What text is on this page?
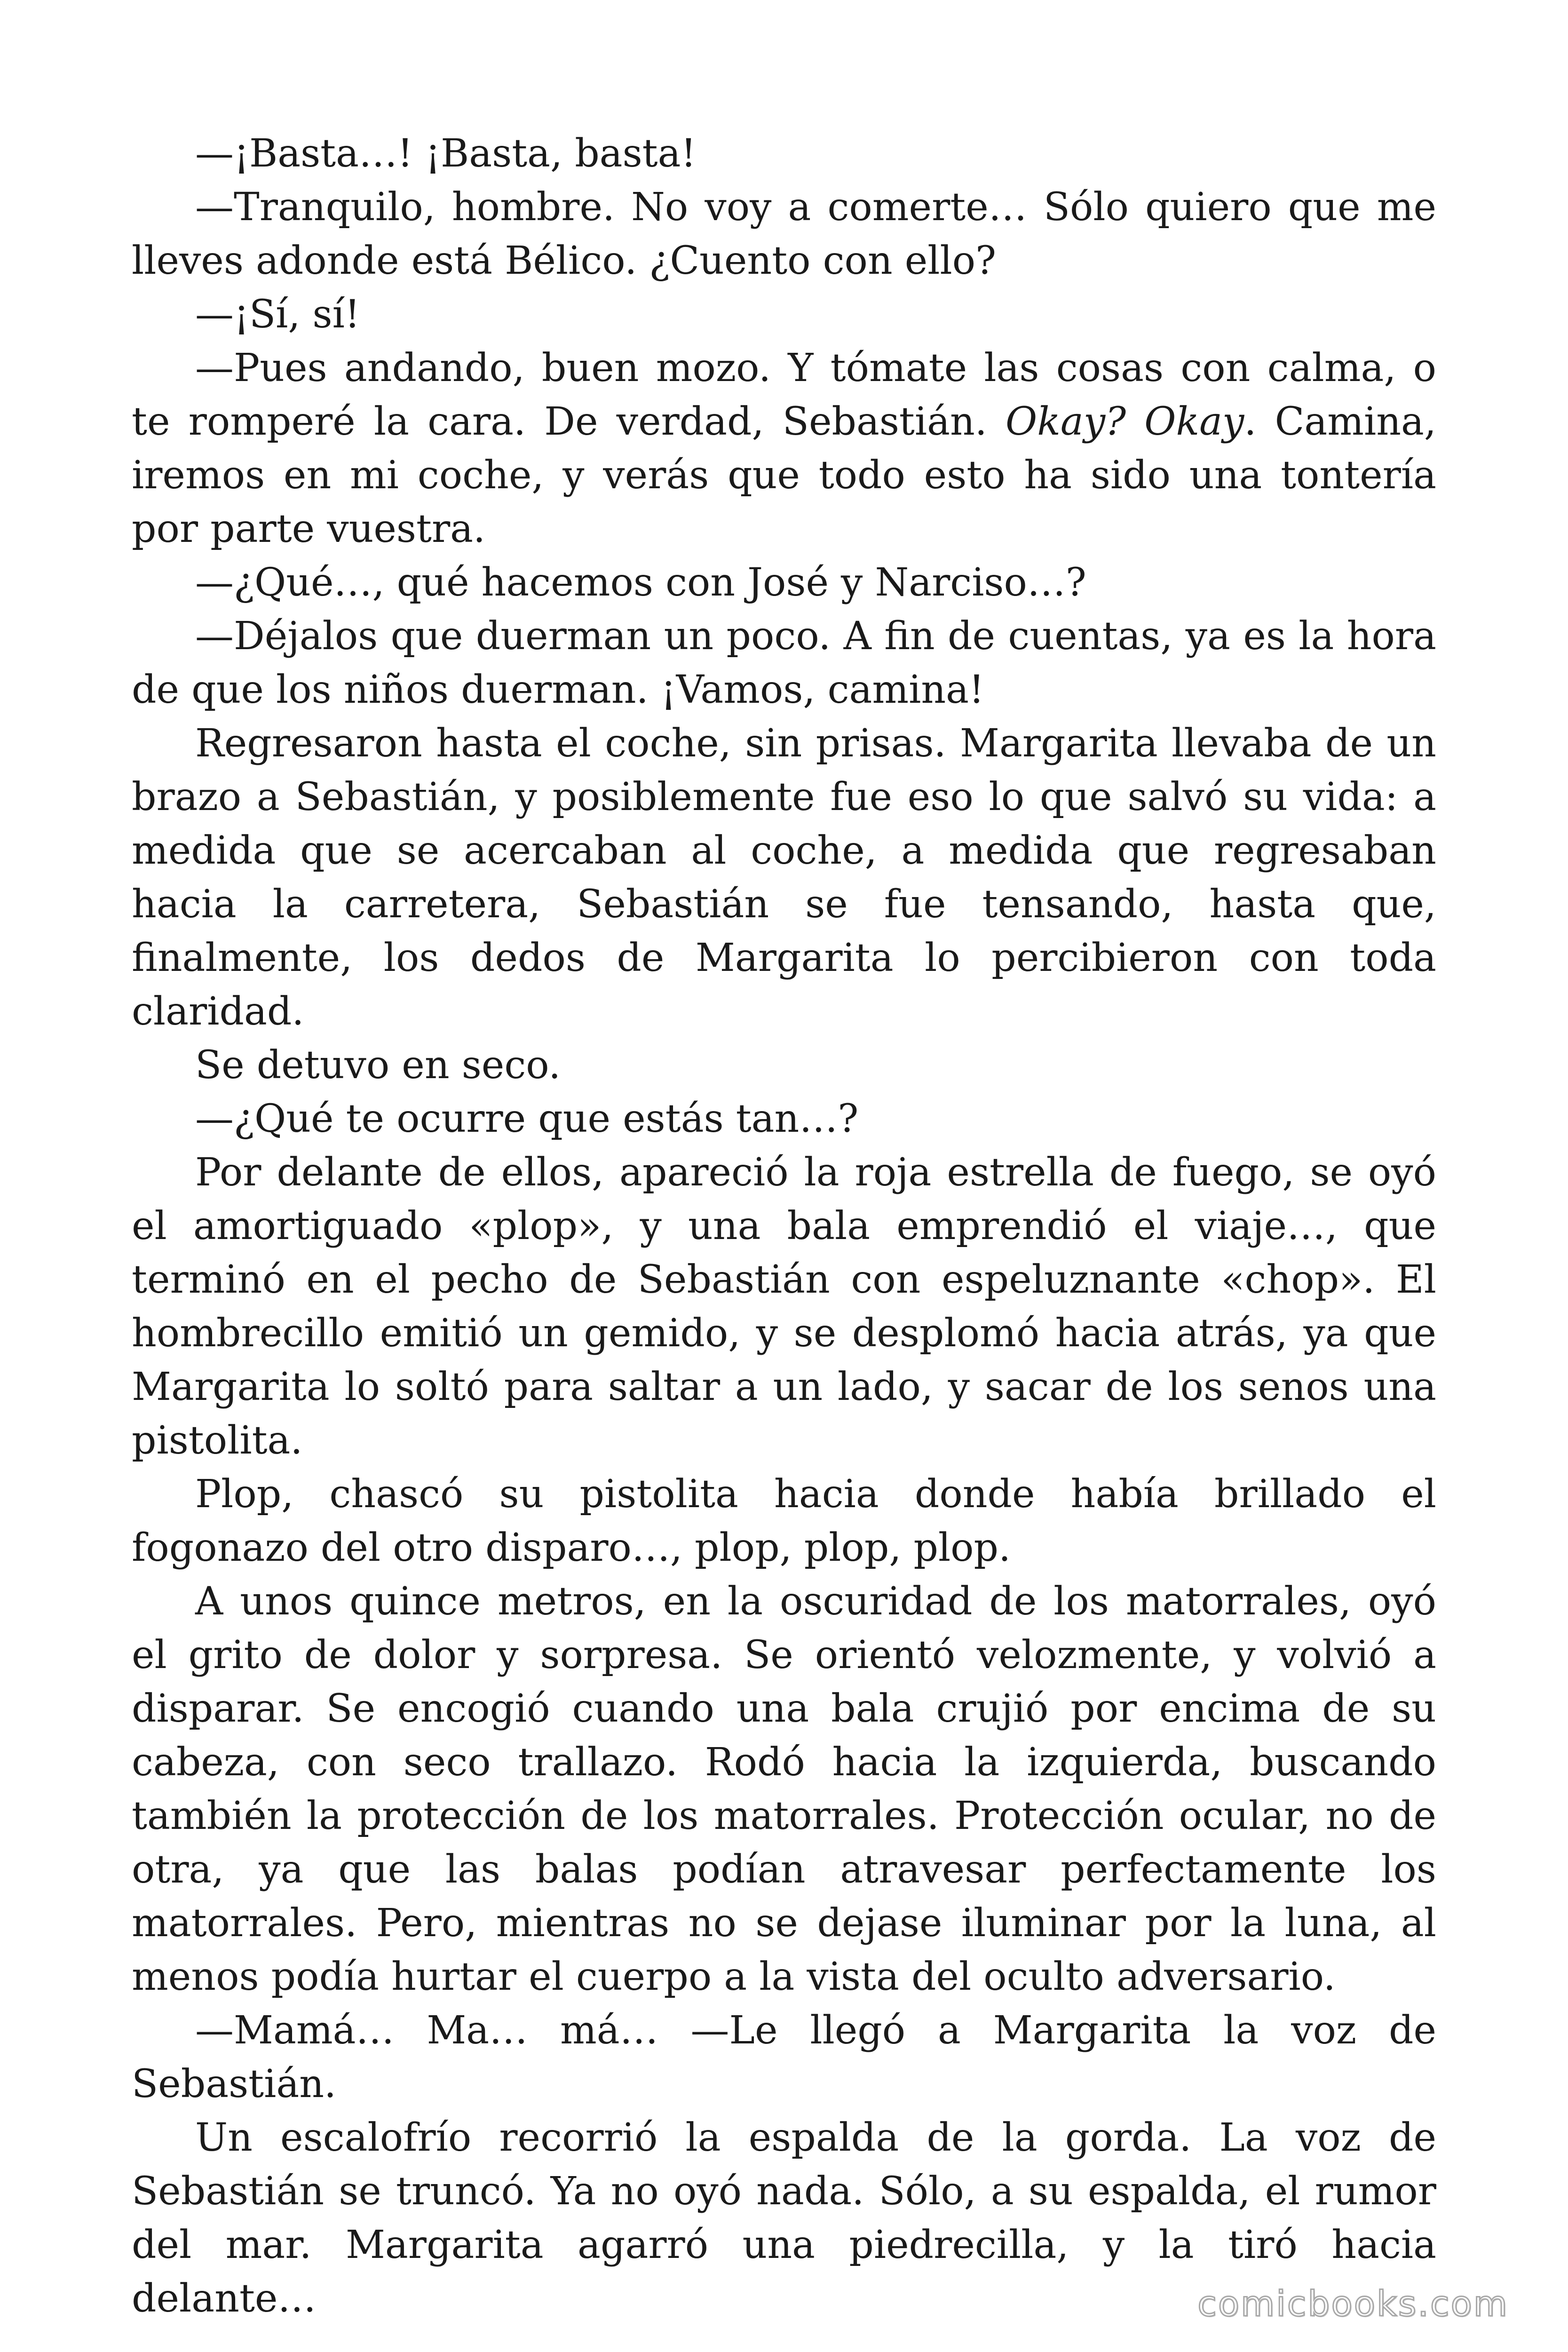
—¡Basta…! ¡Basta, basta!

—Tranquilo, hombre. No voy a comerte… Sólo quiero que me lleves adonde está Bélico. ¿Cuento con ello?

—¡Sí, sí!

—Pues andando, buen mozo. Y tómate las cosas con calma, o te romperé la cara. De verdad, Sebastián. Okay? Okay. Camina, iremos en mi coche, y verás que todo esto ha sido una tontería por parte vuestra.

—¿Qué…, qué hacemos con José y Narciso…?

—Déjalos que duerman un poco. A fin de cuentas, ya es la hora de que los niños duerman. ¡Vamos, camina!

Regresaron hasta el coche, sin prisas. Margarita llevaba de un brazo a Sebastián, y posiblemente fue eso lo que salvó su vida: a medida que se acercaban al coche, a medida que regresaban hacia la carretera, Sebastián se fue tensando, hasta que, finalmente, los dedos de Margarita lo percibieron con toda claridad.

Se detuvo en seco.

—¿Qué te ocurre que estás tan…?

Por delante de ellos, apareció la roja estrella de fuego, se oyó el amortiguado «plop», y una bala emprendió el viaje…, que terminó en el pecho de Sebastián con espeluznante «chop». El hombrecillo emitió un gemido, y se desplomó hacia atrás, ya que Margarita lo soltó para saltar a un lado, y sacar de los senos una pistolita.

Plop, chascó su pistolita hacia donde había brillado el fogonazo del otro disparo…, plop, plop, plop.

A unos quince metros, en la oscuridad de los matorrales, oyó el grito de dolor y sorpresa. Se orientó velozmente, y volvió a disparar. Se encogió cuando una bala crujió por encima de su cabeza, con seco trallazo. Rodó hacia la izquierda, buscando también la protección de los matorrales. Protección ocular, no de otra, ya que las balas podían atravesar perfectamente los matorrales. Pero, mientras no se dejase iluminar por la luna, al menos podía hurtar el cuerpo a la vista del oculto adversario.

—Mamá… Ma… má… —Le llegó a Margarita la voz de Sebastián.

Un escalofrío recorrió la espalda de la gorda. La voz de Sebastián se truncó. Ya no oyó nada. Sólo, a su espalda, el rumor del mar. Margarita agarró una piedrecilla, y la tiró hacia delante…	comicbooks.com
